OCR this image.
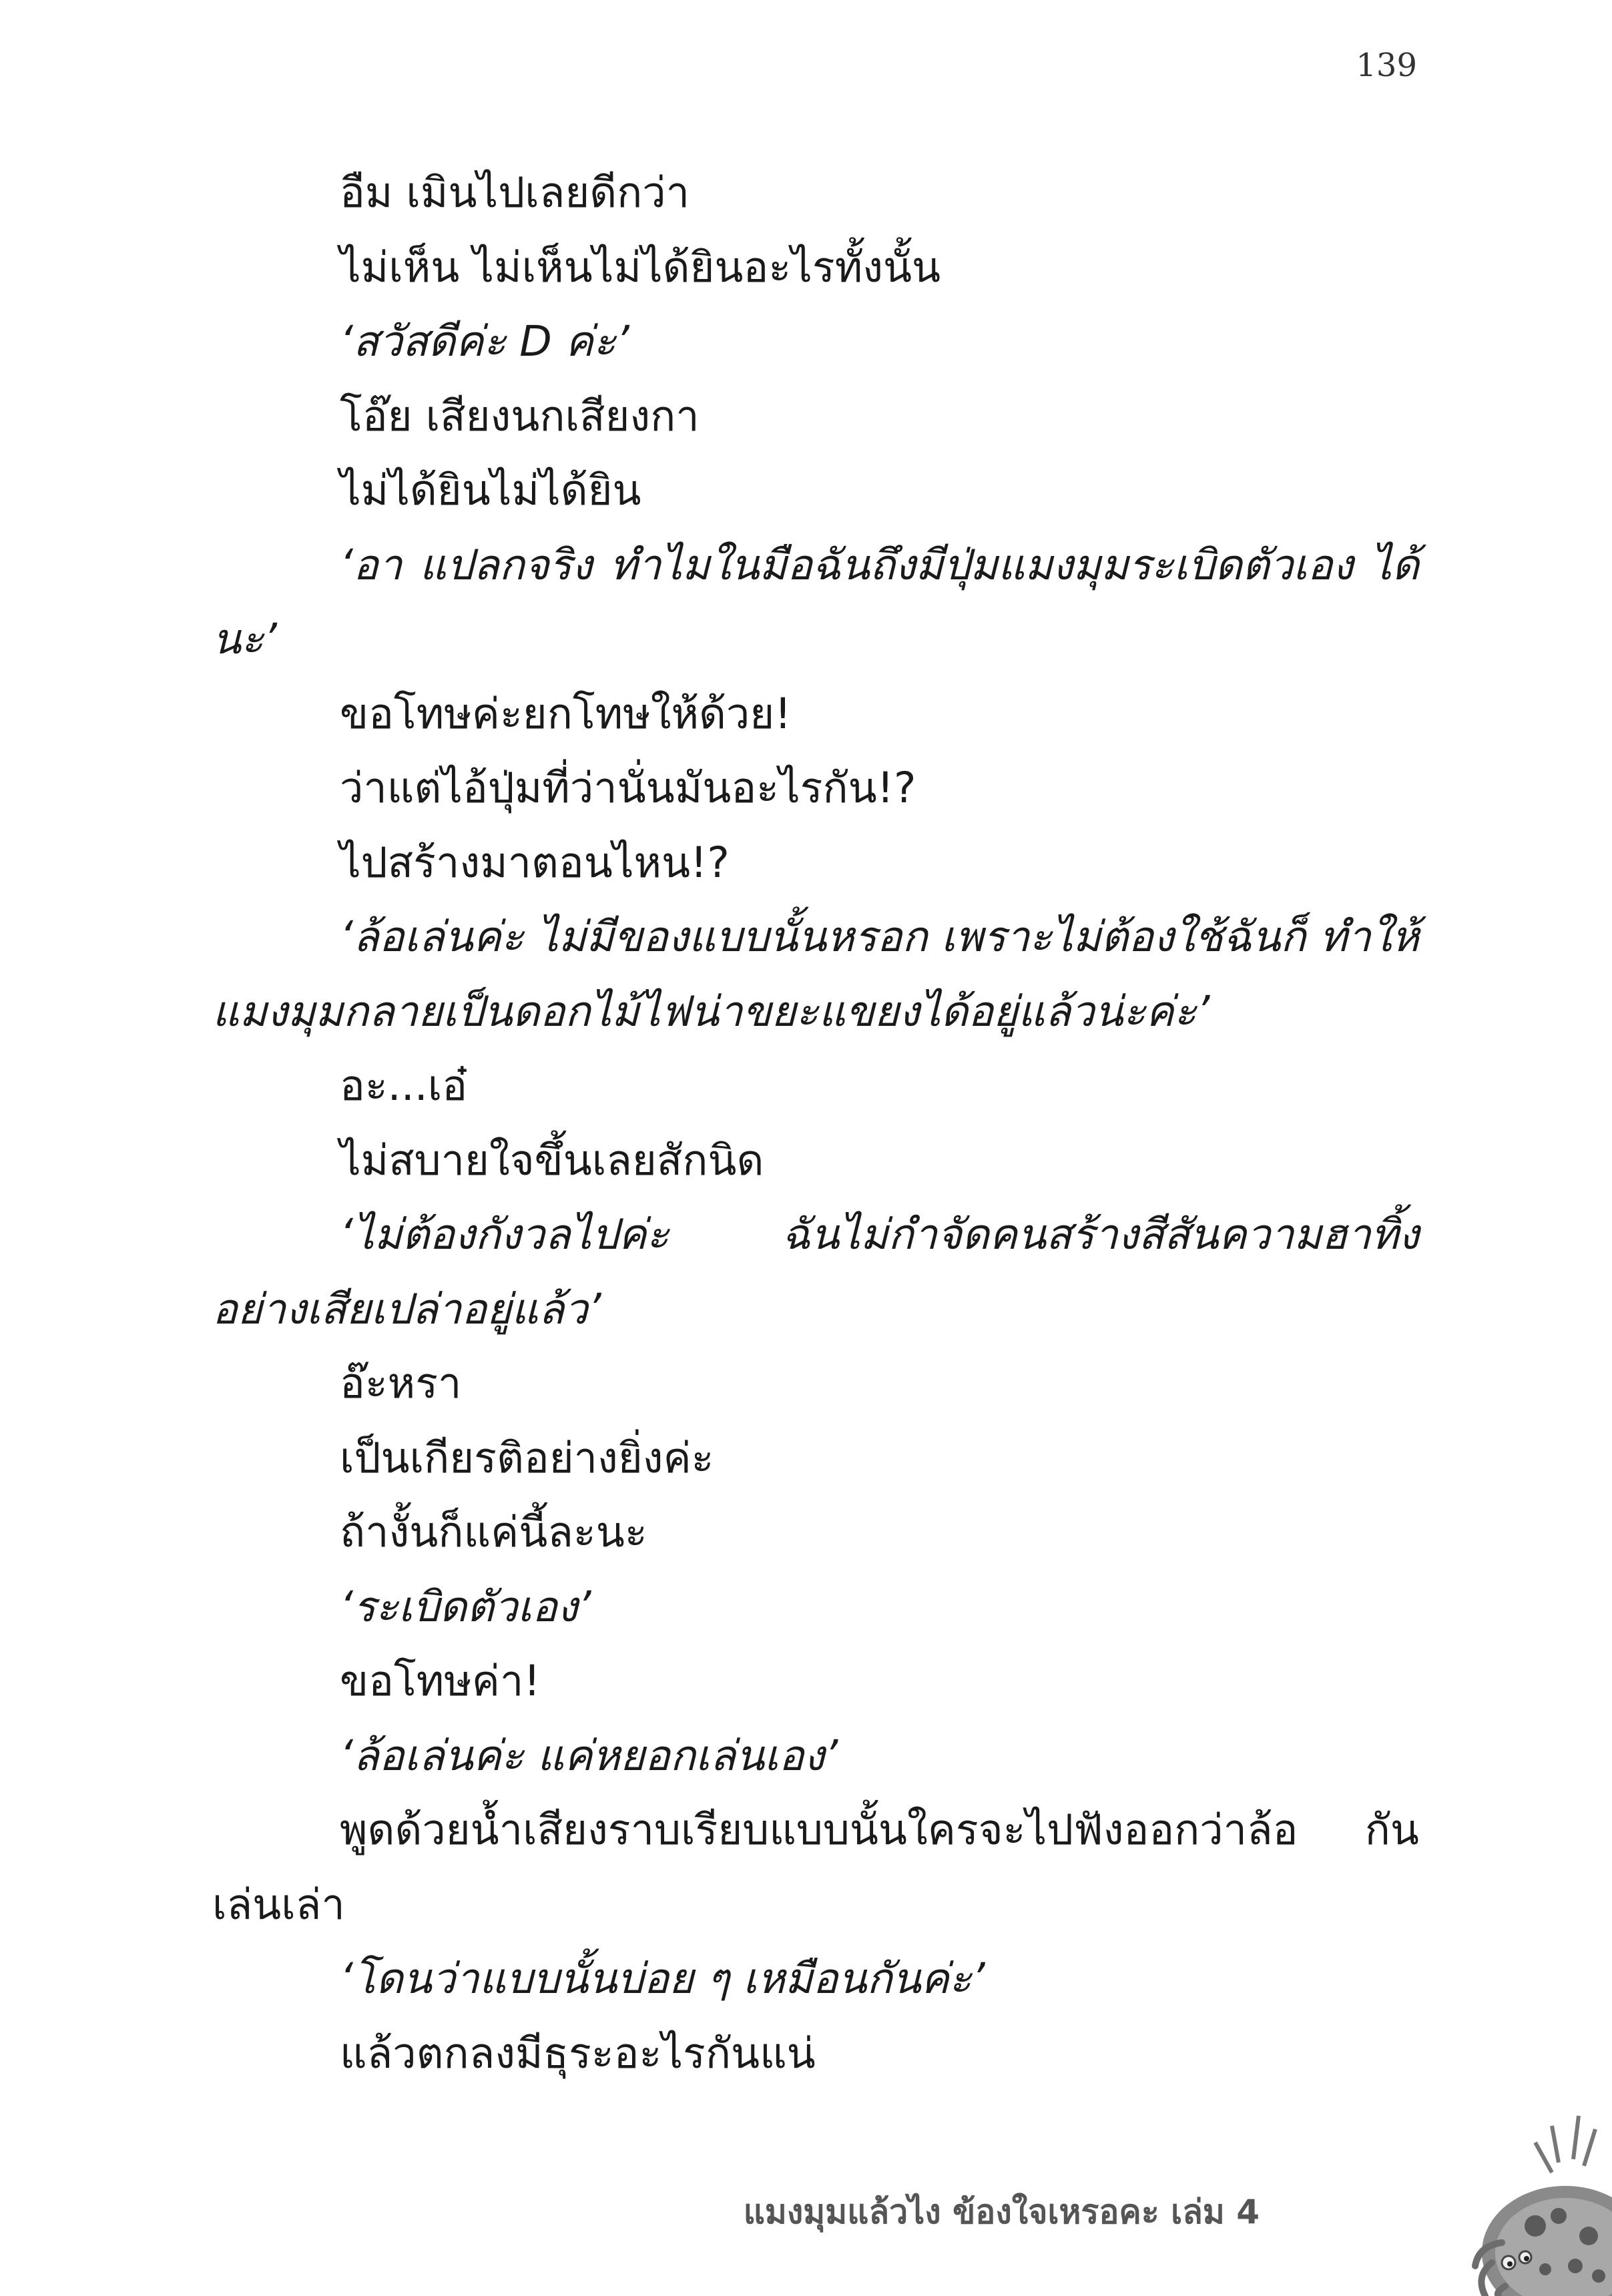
139

อืม เมินไปเลยดีกว่า

ไม่เห็น ไม่เห็นไม่ได้ยินอะไรทั้งนั้น

‘สวัสดีค่ะ D ค่ะ’

โอ๊ย เสียงนกเสียงกา

ไม่ได้ยินไม่ได้ยิน

‘อา แปลกจริง ทำไมในมือฉันถึงมีปุ่มแมงมุมระเบิดตัวเอง ได้นะ’

ขอโทษค่ะยกโทษให้ด้วย!

ว่าแต่ไอ้ปุ่มที่ว่านั่นมันอะไรกัน!?

ไปสร้างมาตอนไหน!?

‘ล้อเล่นค่ะ ไม่มีของแบบนั้นหรอก เพราะไม่ต้องใช้ฉันก็ ทำให้แมงมุมกลายเป็นดอกไม้ไฟน่าขยะแขยงได้อยู่แล้วน่ะค่ะ’

อะ...เอ๋

ไม่สบายใจขึ้นเลยสักนิด

‘ไม่ต้องกังวลไปค่ะ ฉันไม่กำจัดคนสร้างสีสันความฮาทิ้ง อย่างเสียเปล่าอยู่แล้ว’

อ๊ะหรา

เป็นเกียรติอย่างยิ่งค่ะ

ถ้างั้นก็แค่นี้ละนะ

‘ระเบิดตัวเอง’

ขอโทษค่า!

‘ล้อเล่นค่ะ แค่หยอกเล่นเอง’

พูดด้วยน้ำเสียงราบเรียบแบบนั้นใครจะไปฟังออกว่าล้อ กันเล่นเล่า

‘โดนว่าแบบนั้นบ่อย ๆ เหมือนกันค่ะ’

แล้วตกลงมีธุระอะไรกันแน่

แมงมุมแล้วไง ข้องใจเหรอคะ เล่ม 4
